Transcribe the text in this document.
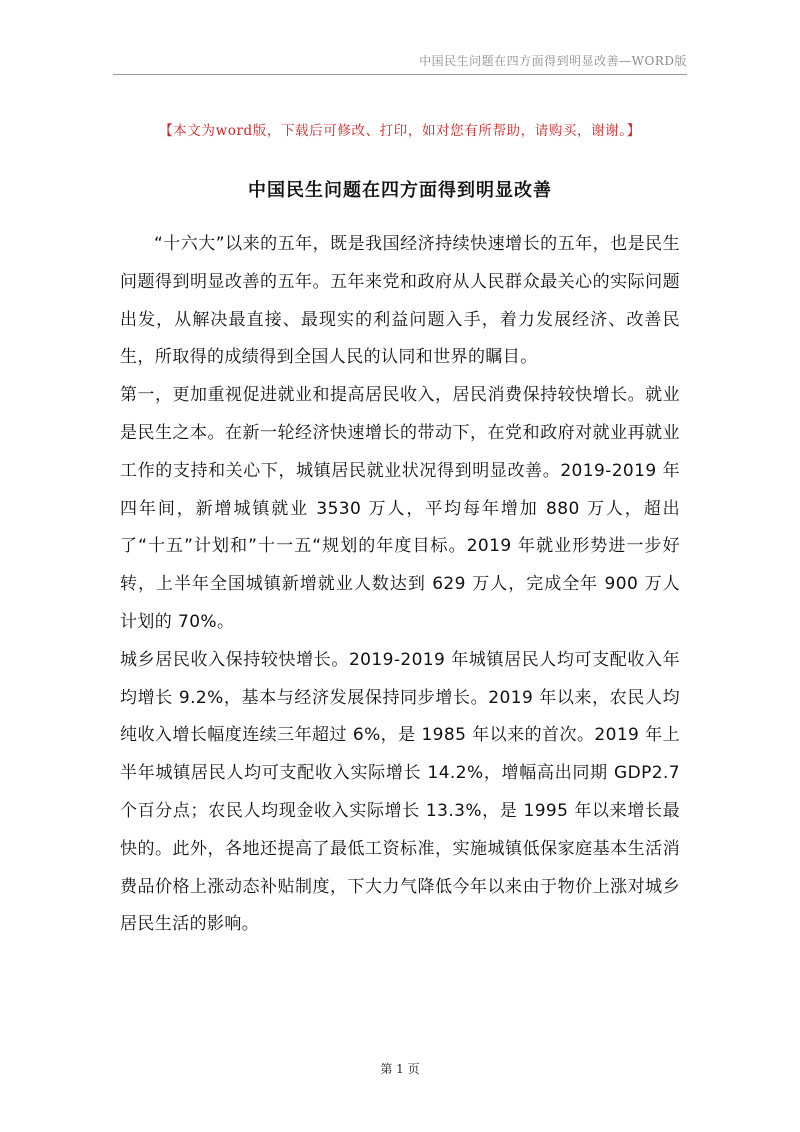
中国民生问题在四方面得到明显改善—WORD版
【本文为word版，下载后可修改、打印，如对您有所帮助，请购买，谢谢。】
中国民生问题在四方面得到明显改善

“十六大”以来的五年，既是我国经济持续快速增长的五年，也是民生问题得到明显改善的五年。五年来党和政府从人民群众最关心的实际问题出发，从解决最直接、最现实的利益问题入手，着力发展经济、改善民生，所取得的成绩得到全国人民的认同和世界的瞩目。

第一，更加重视促进就业和提高居民收入，居民消费保持较快增长。就业是民生之本。在新一轮经济快速增长的带动下，在党和政府对就业再就业工作的支持和关心下，城镇居民就业状况得到明显改善。2019-2019 年四年间，新增城镇就业 3530 万人，平均每年增加 880 万人，超出了“十五”计划和”十一五“规划的年度目标。2019 年就业形势进一步好转，上半年全国城镇新增就业人数达到 629 万人，完成全年 900 万人计划的 70%。

城乡居民收入保持较快增长。2019-2019 年城镇居民人均可支配收入年均增长 9.2%，基本与经济发展保持同步增长。2019 年以来，农民人均纯收入增长幅度连续三年超过 6%，是 1985 年以来的首次。2019 年上半年城镇居民人均可支配收入实际增长 14.2%，增幅高出同期 GDP2.7 个百分点；农民人均现金收入实际增长 13.3%，是 1995 年以来增长最快的。此外，各地还提高了最低工资标准，实施城镇低保家庭基本生活消费品价格上涨动态补贴制度，下大力气降低今年以来由于物价上涨对城乡居民生活的影响。

第 1 页
